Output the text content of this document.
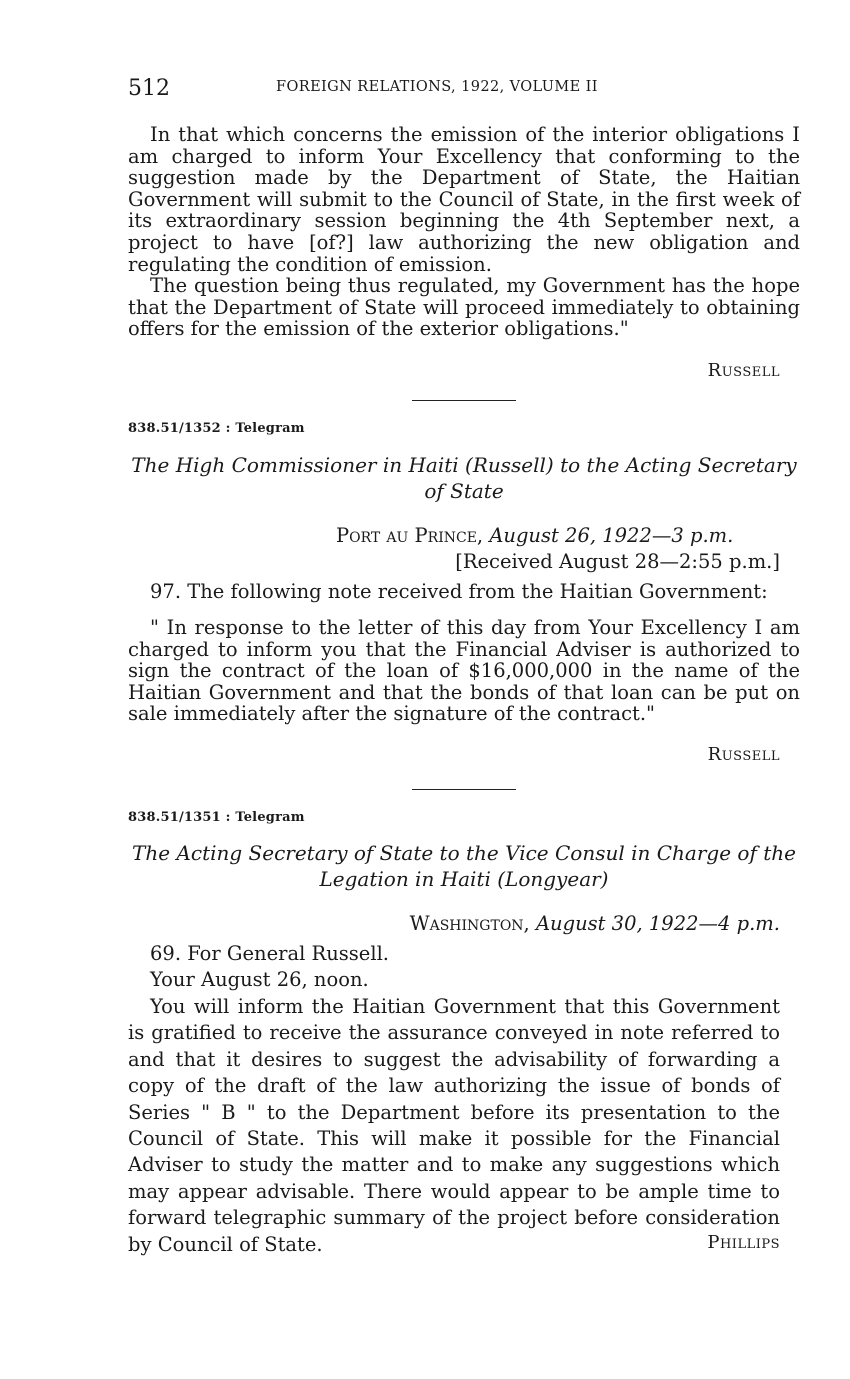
512	FOREIGN RELATIONS, 1922, VOLUME II

In that which concerns the emission of the interior obligations I am charged to inform Your Excellency that conforming to the suggestion made by the Department of State, the Haitian Government will submit to the Council of State, in the first week of its extraordinary session beginning the 4th September next, a project to have [of?] law authorizing the new obligation and regulating the condition of emission.

The question being thus regulated, my Government has the hope that the Department of State will proceed immediately to obtaining offers for the emission of the exterior obligations."

Russell
838.51/1352 : Telegram
The High Commissioner in Haiti (Russell) to the Acting Secretary
of State
Port au Prince, August 26, 1922—3 p.m.
[Received August 28—2:55 p.m.]
97. The following note received from the Haitian Government:

" In response to the letter of this day from Your Excellency I am charged to inform you that the Financial Adviser is authorized to sign the contract of the loan of $16,000,000 in the name of the Haitian Government and that the bonds of that loan can be put on sale immediately after the signature of the contract."

Russell
838.51/1351 : Telegram
The Acting Secretary of State to the Vice Consul in Charge of the
Legation in Haiti (Longyear)
Washington, August 30, 1922—4 p.m.
69. For General Russell.
Your August 26, noon.

You will inform the Haitian Government that this Government is gratified to receive the assurance conveyed in note referred to and that it desires to suggest the advisability of forwarding a copy of the draft of the law authorizing the issue of bonds of Series " B " to the Department before its presentation to the Council of State. This will make it possible for the Financial Adviser to study the matter and to make any suggestions which may appear advisable. There would appear to be ample time to forward telegraphic summary of the project before consideration by Council of State.	Phillips
